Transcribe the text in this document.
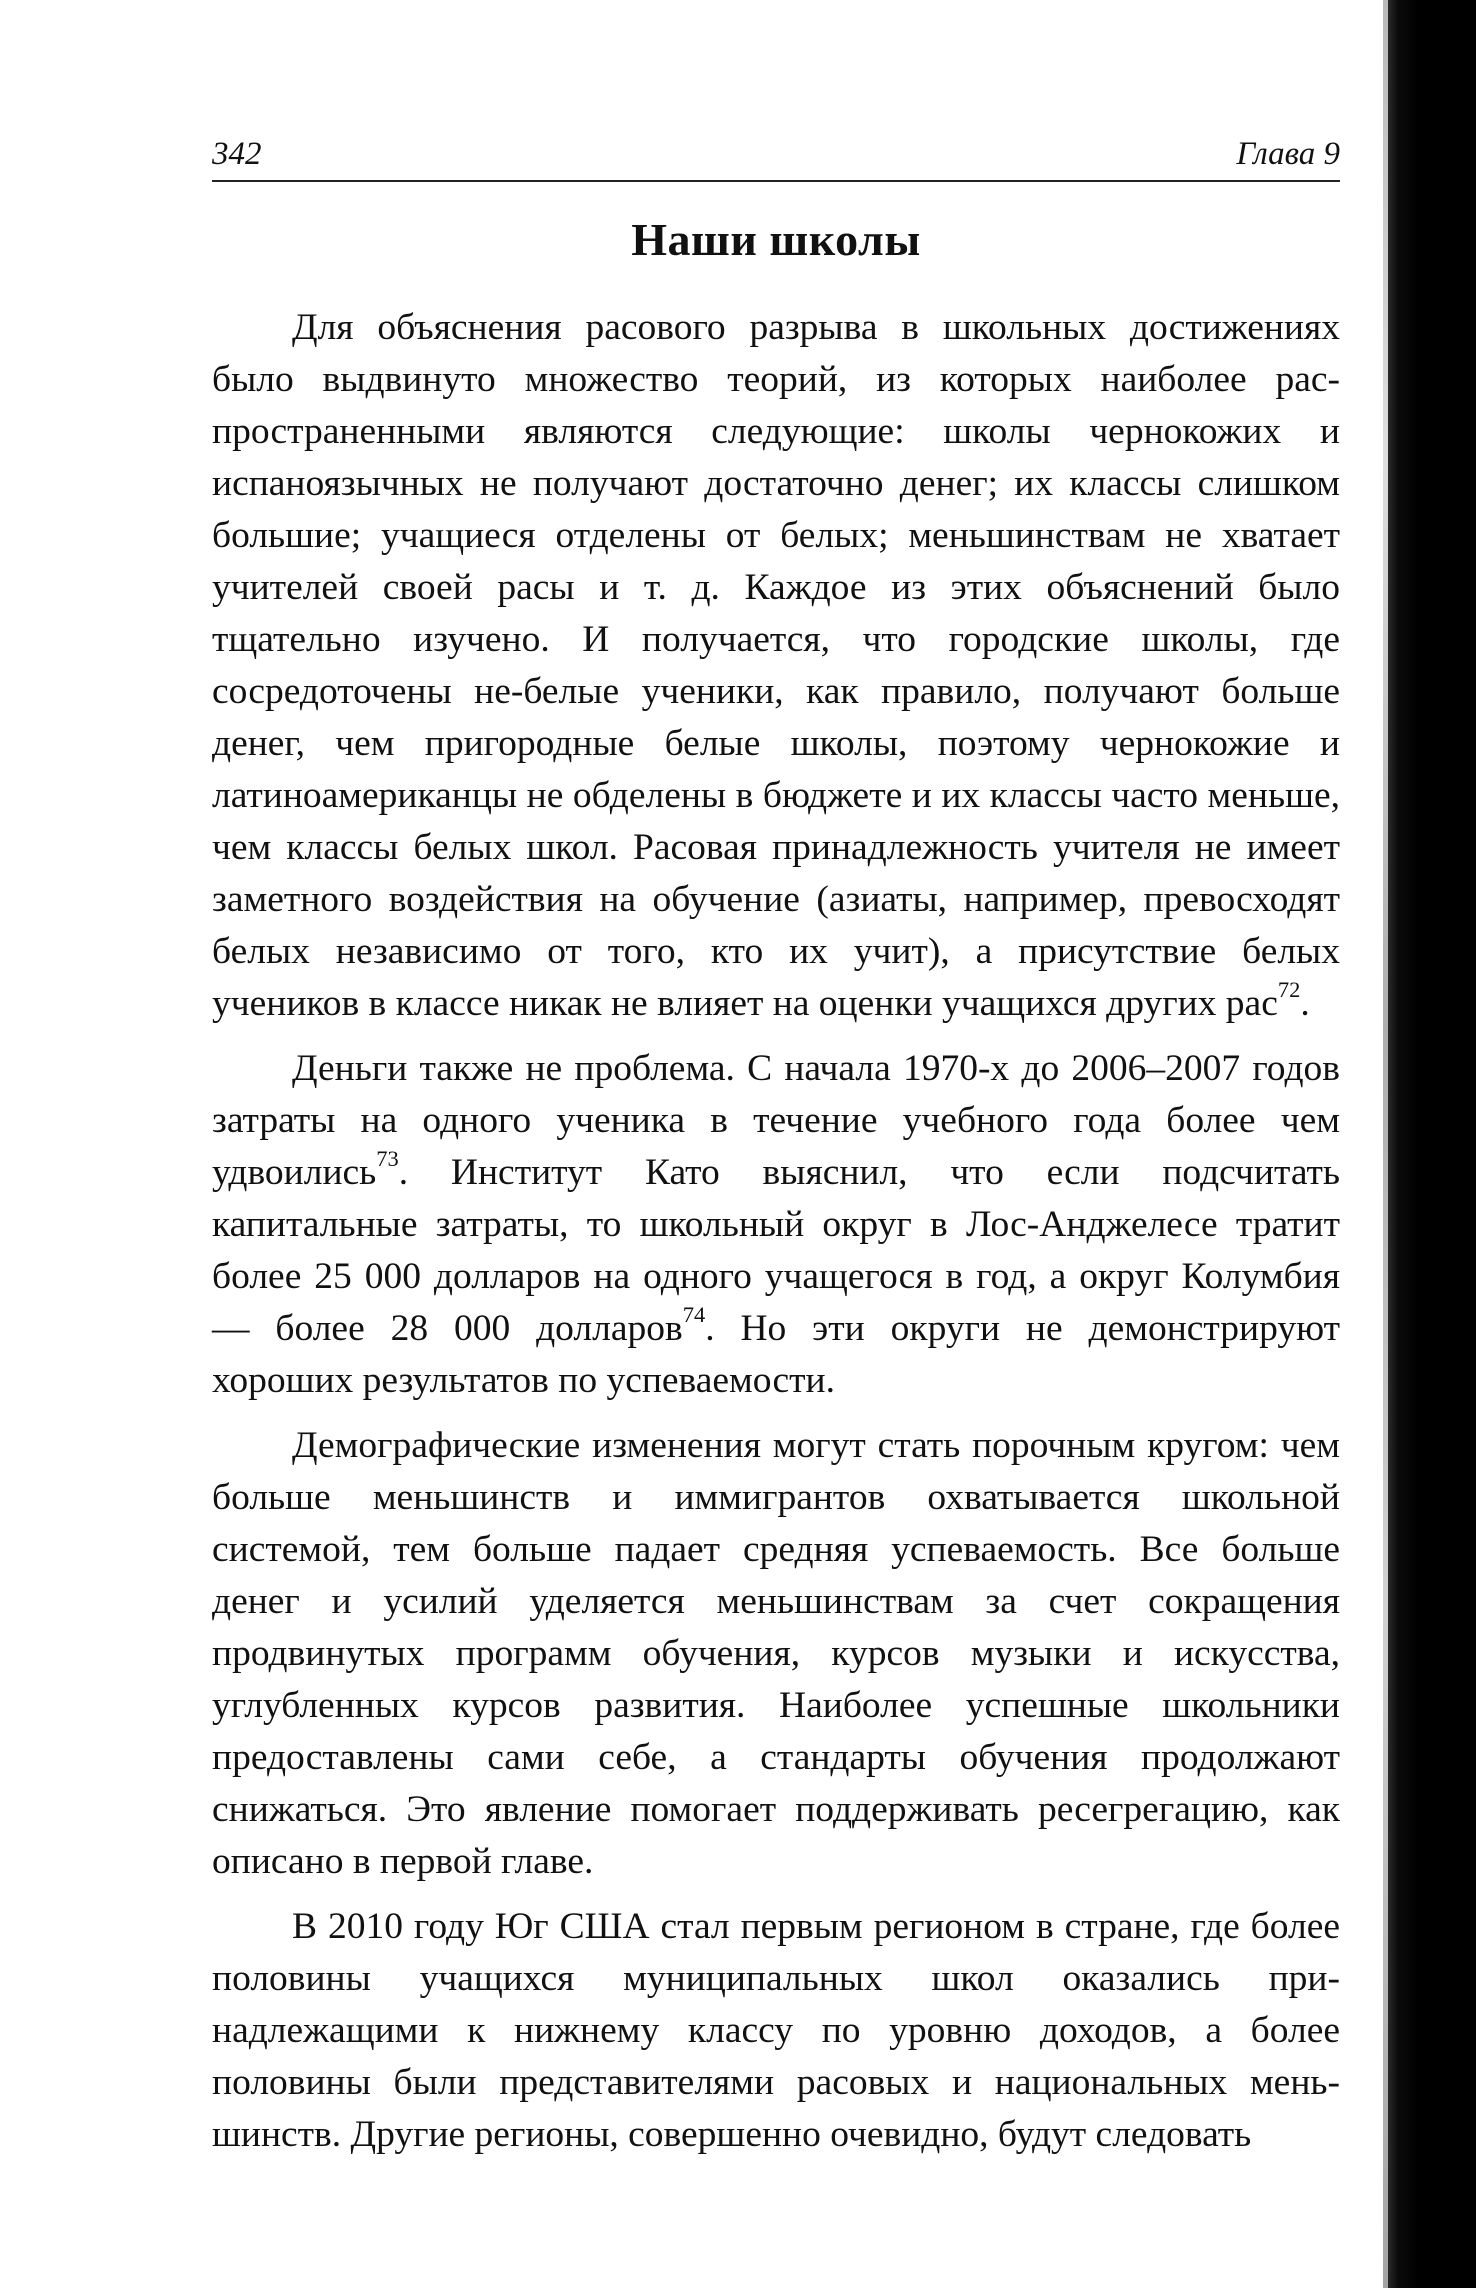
342	Глава 9
Наши школы

Для объяснения расового разрыва в школьных достижениях было выдвинуто множество теорий, из которых наиболее распространенными являются следующие: школы чернокожих и испаноязычных не получают достаточно денег; их классы слишком большие; учащиеся отделены от белых; меньшинствам не хватает учителей своей расы и т. д. Каждое из этих объяснений было тщательно изучено. И получается, что городские школы, где сосредоточены не-белые ученики, как правило, получают больше денег, чем пригородные белые школы, поэтому чернокожие и латиноамериканцы не обделены в бюджете и их классы часто меньше, чем классы белых школ. Расовая принадлежность учителя не имеет заметного воздействия на обучение (азиаты, например, превосходят белых независимо от того, кто их учит), а присутствие белых учеников в классе никак не влияет на оценки учащихся других рас$^{72}$.

Деньги также не проблема. С начала 1970-х до 2006–2007 годов затраты на одного ученика в течение учебного года более чем удвоились$^{73}$. Институт Като выяснил, что если подсчитать капитальные затраты, то школьный округ в Лос-Анджелесе тратит более 25 000 долларов на одного учащегося в год, а округ Колумбия — более 28 000 долларов$^{74}$. Но эти округи не демонстрируют хороших результатов по успеваемости.

Демографические изменения могут стать порочным кругом: чем больше меньшинств и иммигрантов охватывается школьной системой, тем больше падает средняя успеваемость. Все больше денег и усилий уделяется меньшинствам за счет сокращения продвинутых программ обучения, курсов музыки и искусства, углубленных курсов развития. Наиболее успешные школьники предоставлены сами себе, а стандарты обучения продолжают снижаться. Это явление помогает поддерживать ресегрегацию, как описано в первой главе.

В 2010 году Юг США стал первым регионом в стране, где более половины учащихся муниципальных школ оказались принадлежащими к нижнему классу по уровню доходов, а более половины были представителями расовых и национальных меньшинств. Другие регионы, совершенно очевидно, будут следовать
